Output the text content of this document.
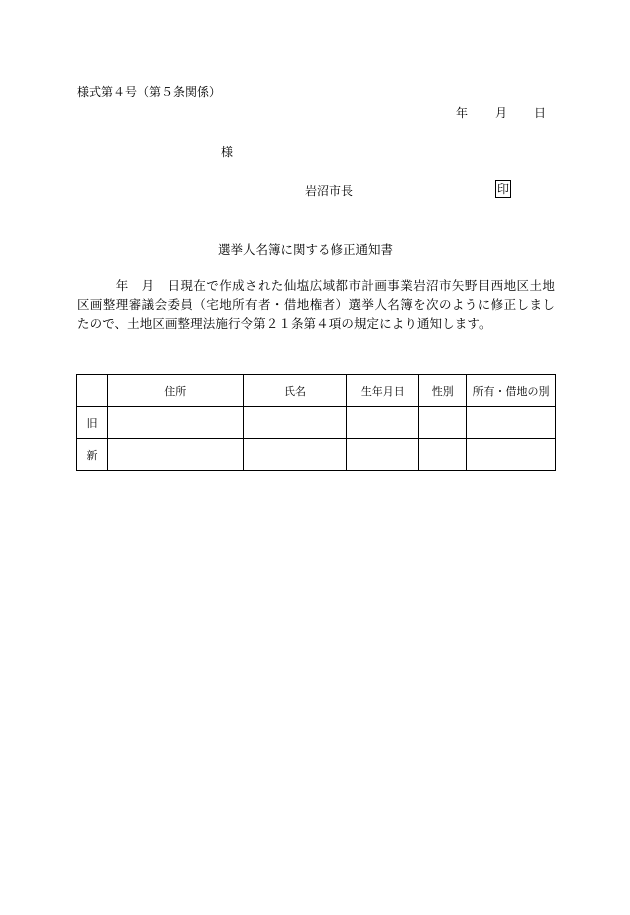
様式第４号（第５条関係）
年 月 日
様
岩沼市長	印
選挙人名簿に関する修正通知書
　　　年　月　日現在で作成された仙塩広域都市計画事業岩沼市矢野目西地区土地区画整理審議会委員（宅地所有者・借地権者）選挙人名簿を次のように修正しましたので、土地区画整理法施行令第２１条第４項の規定により通知します。
	住所	氏名	生年月日	性別	所有・借地の別
旧					
新					
